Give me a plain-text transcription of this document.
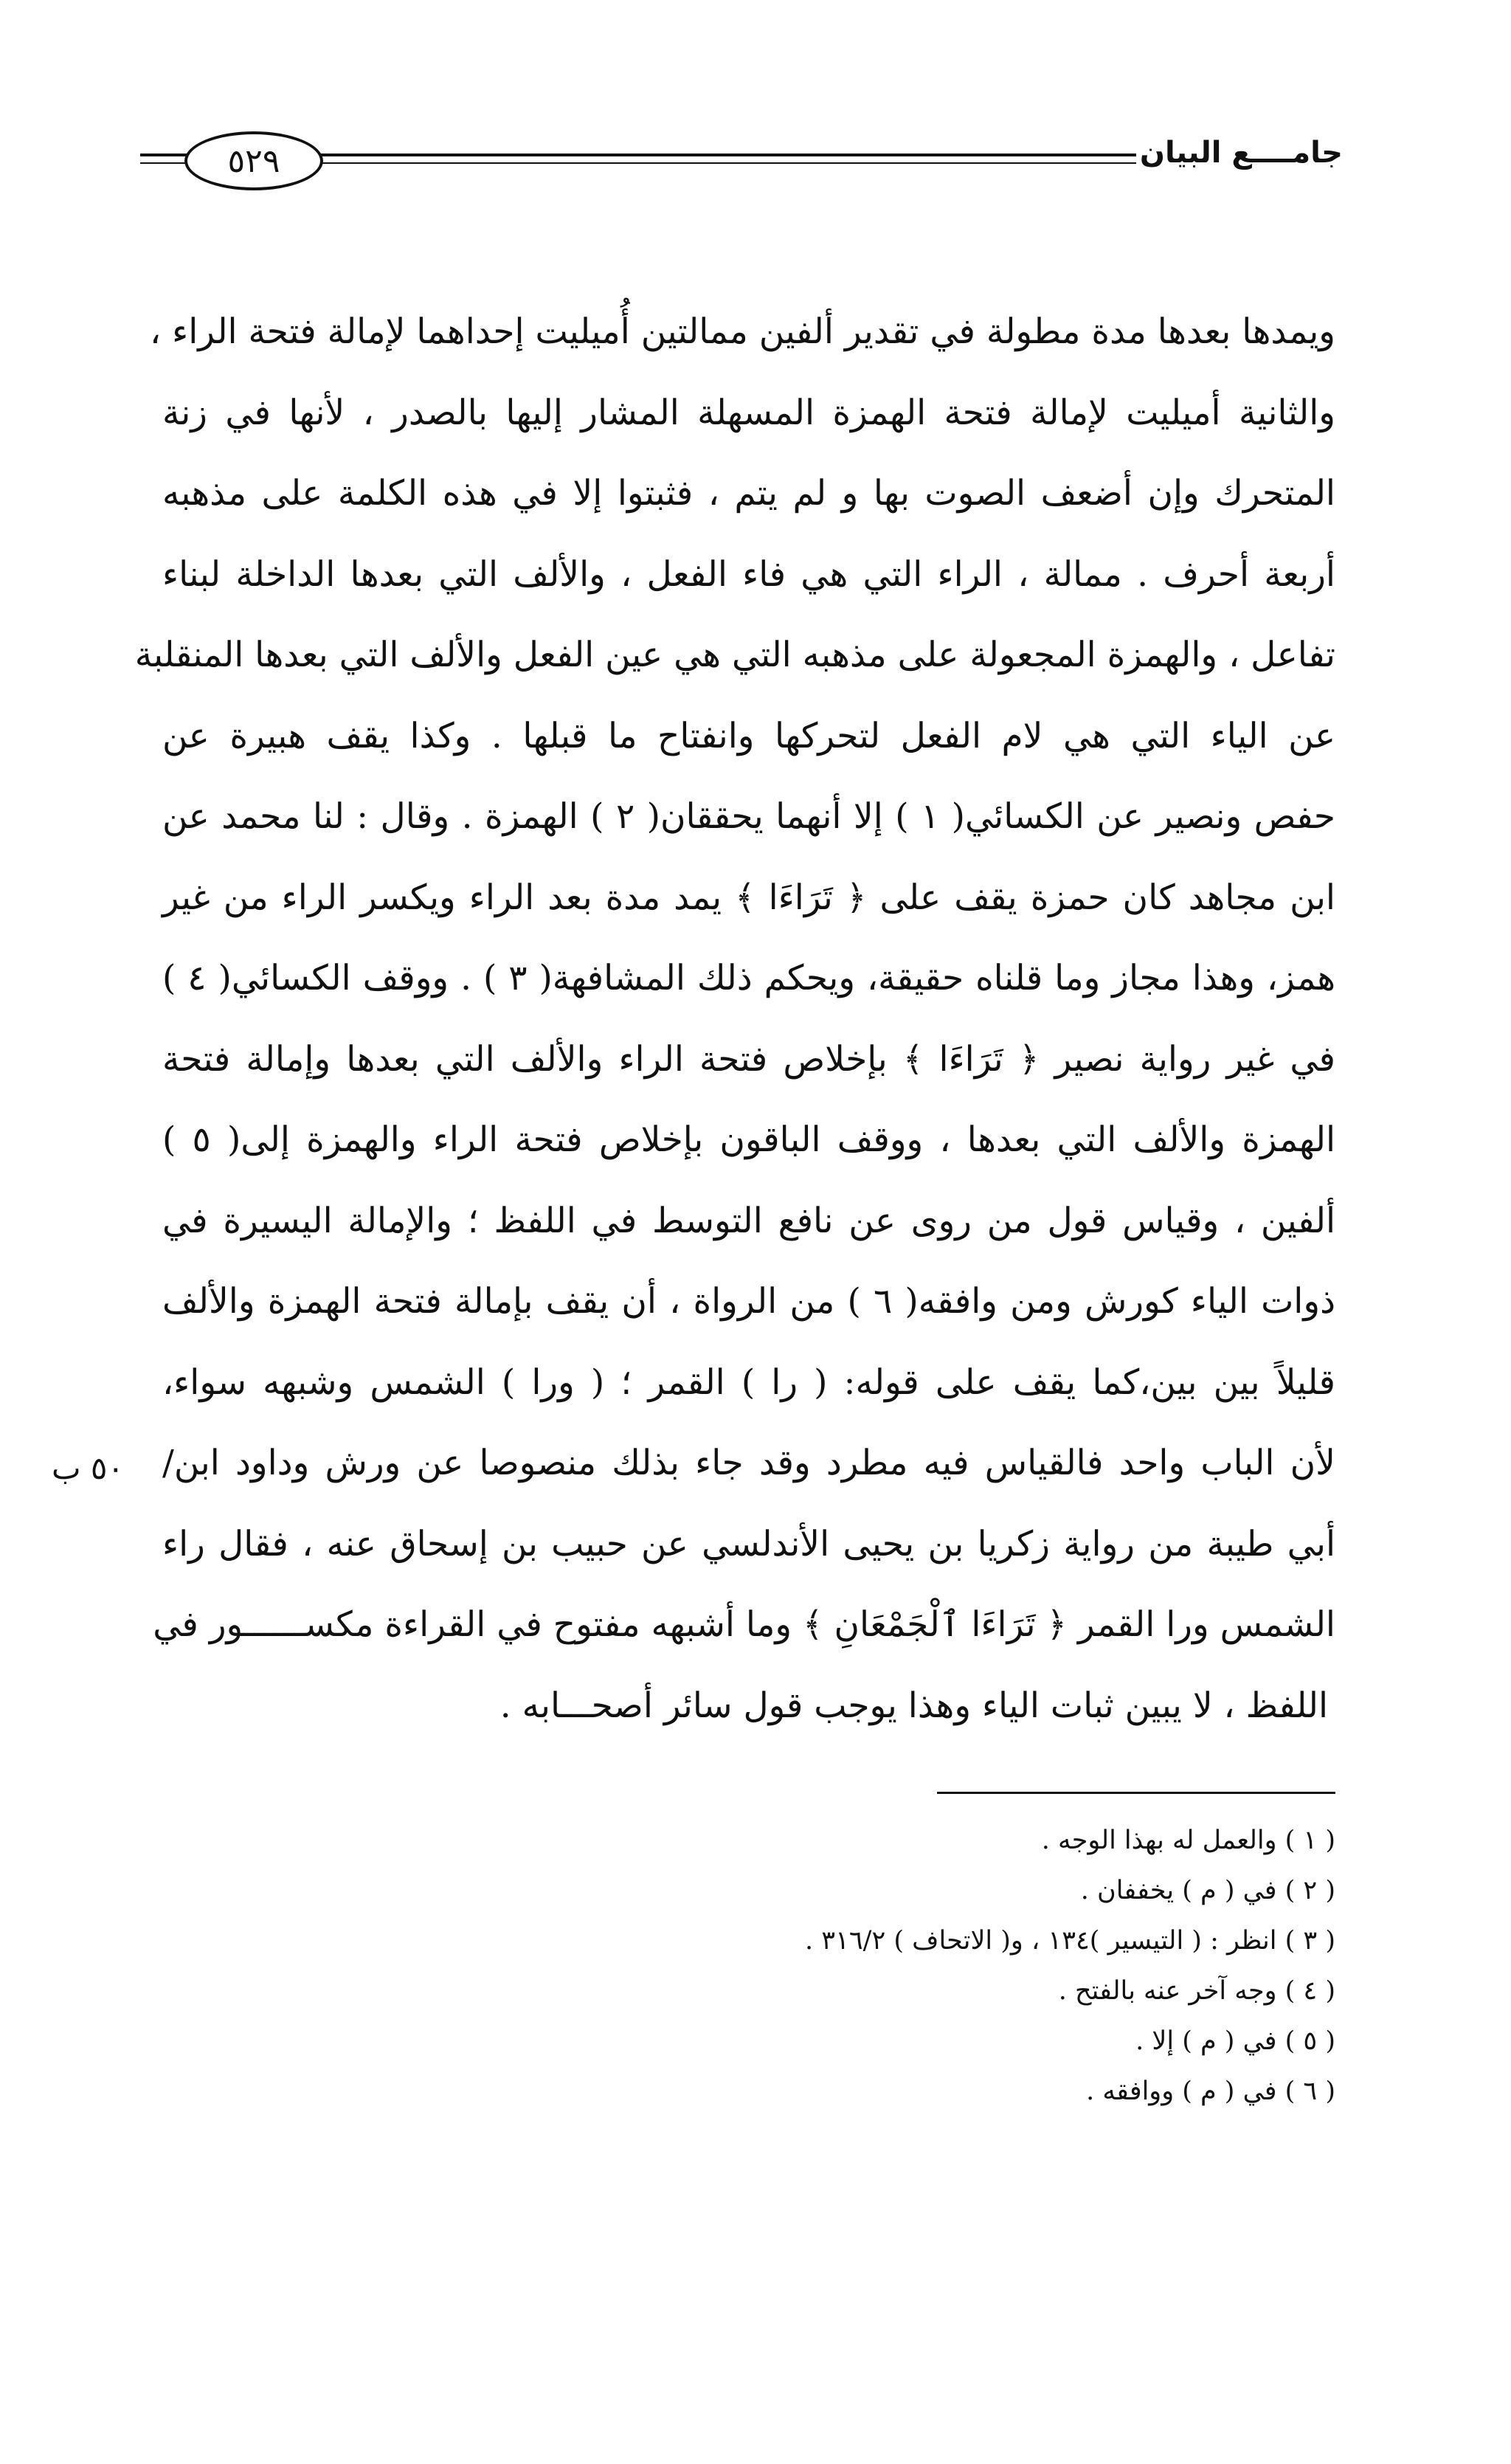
٥٢٩	جامــــع البيان
ويمدها بعدها مدة مطولة في تقدير ألفين ممالتين أُميليت إحداهما لإمالة فتحة الراء ،
والثانية أميليت لإمالة فتحة الهمزة المسهلة المشار إليها بالصدر ، لأنها في زنة
المتحرك وإن أضعف الصوت بها و لم يتم ، فثبتوا إلا في هذه الكلمة على مذهبه
أربعة أحرف . ممالة ، الراء التي هي فاء الفعل ، والألف التي بعدها الداخلة لبناء
تفاعل ، والهمزة المجعولة على مذهبه التي هي عين الفعل والألف التي بعدها المنقلبة
عن الياء التي هي لام الفعل لتحركها وانفتاح ما قبلها . وكذا يقف هبيرة عن
حفص ونصير عن الكسائي( ١ ) إلا أنهما يحققان( ٢ ) الهمزة . وقال : لنا محمد عن
ابن مجاهد كان حمزة يقف على ﴿ تَرَاءَا ﴾ يمد مدة بعد الراء ويكسر الراء من غير
همز، وهذا مجاز وما قلناه حقيقة، ويحكم ذلك المشافهة( ٣ ) . ووقف الكسائي( ٤ )
في غير رواية نصير ﴿ تَرَاءَا ﴾ بإخلاص فتحة الراء والألف التي بعدها وإمالة فتحة
الهمزة والألف التي بعدها ، ووقف الباقون بإخلاص فتحة الراء والهمزة إلى( ٥ )
ألفين ، وقياس قول من روى عن نافع التوسط في اللفظ ؛ والإمالة اليسيرة في
ذوات الياء كورش ومن وافقه( ٦ ) من الرواة ، أن يقف بإمالة فتحة الهمزة والألف
قليلاً بين بين،كما يقف على قوله: ( را ) القمر ؛ ( ورا ) الشمس وشبهه سواء،
لأن الباب واحد فالقياس فيه مطرد وقد جاء بذلك منصوصا عن ورش وداود ابن/
أبي طيبة من رواية زكريا بن يحيى الأندلسي عن حبيب بن إسحاق عنه ، فقال راء
الشمس ورا القمر ﴿ تَرَاءَا ٱلْجَمْعَانِ ﴾ وما أشبهه مفتوح في القراءة مكســــــور في
اللفظ ، لا يبين ثبات الياء وهذا يوجب قول سائر أصحـــابه .
٥٠ ب
( ١ ) والعمل له بهذا الوجه .
( ٢ ) في ( م ) يخففان .
( ٣ ) انظر : ( التيسير )١٣٤ ، و( الاتحاف ) ٣١٦/٢ .
( ٤ ) وجه آخر عنه بالفتح .
( ٥ ) في ( م ) إلا .
( ٦ ) في ( م ) ووافقه .
